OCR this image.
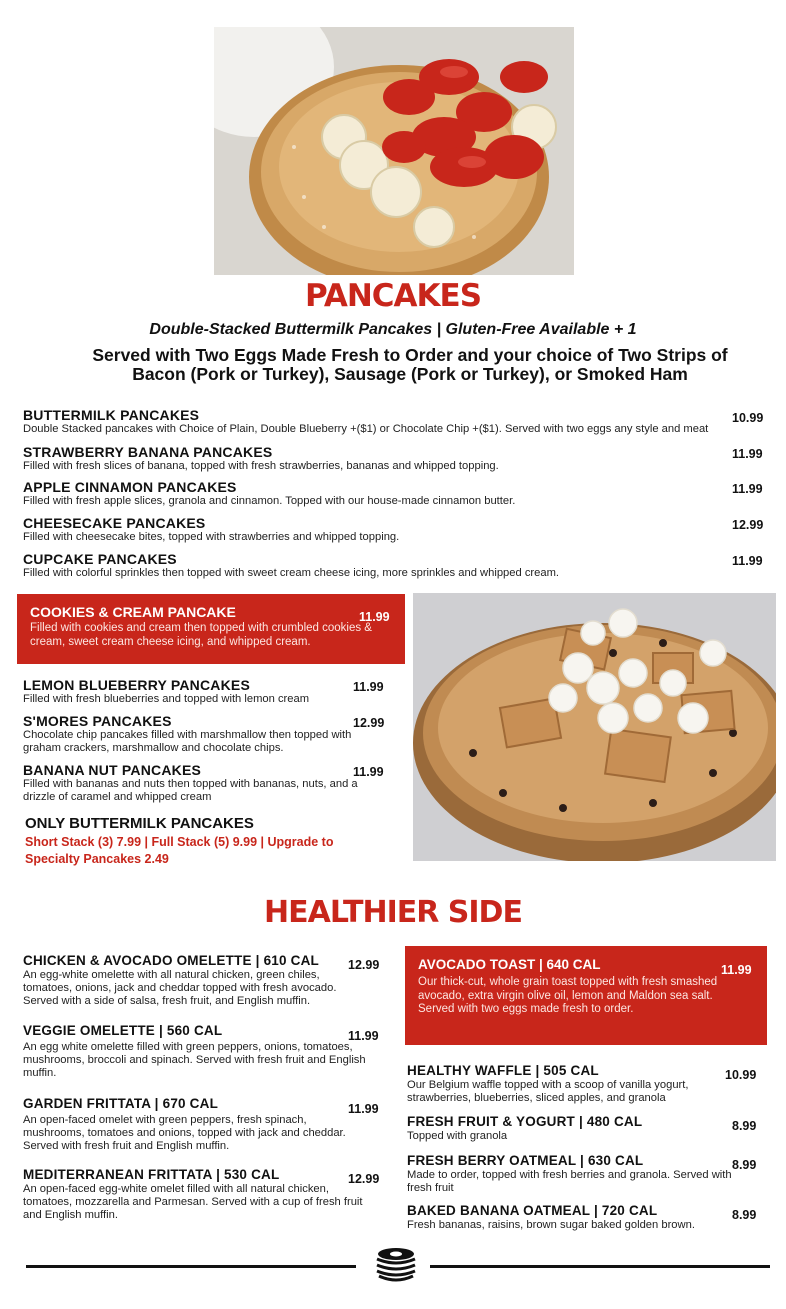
PANCAKES
Double-Stacked Buttermilk Pancakes | Gluten-Free Available + 1
Served with Two Eggs Made Fresh to Order and your choice of Two Strips of Bacon (Pork or Turkey), Sausage (Pork or Turkey), or Smoked Ham
BUTTERMILK PANCAKES
Double Stacked pancakes with Choice of Plain, Double Blueberry +($1) or Chocolate Chip +($1). Served with two eggs any style and meat
10.99
STRAWBERRY BANANA PANCAKES
Filled with fresh slices of banana, topped with fresh strawberries, bananas and whipped topping.
11.99
APPLE CINNAMON PANCAKES
Filled with fresh apple slices, granola and cinnamon. Topped with our house-made cinnamon butter.
11.99
CHEESECAKE PANCAKES
Filled with cheesecake bites, topped with strawberries and whipped topping.
12.99
CUPCAKE PANCAKES
Filled with colorful sprinkles then topped with sweet cream cheese icing, more sprinkles and whipped cream.
11.99
COOKIES & CREAM PANCAKE
Filled with cookies and cream then topped with crumbled cookies & cream, sweet cream cheese icing, and whipped cream.
11.99
LEMON BLUEBERRY PANCAKES
Filled with fresh blueberries and topped with lemon cream
11.99
S'MORES PANCAKES
Chocolate chip pancakes filled with marshmallow then topped with graham crackers, marshmallow and chocolate chips.
12.99
BANANA NUT PANCAKES
Filled with bananas and nuts then topped with bananas, nuts, and a drizzle of caramel and whipped cream
11.99
ONLY BUTTERMILK PANCAKES
Short Stack (3) 7.99 | Full Stack (5) 9.99 | Upgrade to Specialty Pancakes 2.49
HEALTHIER SIDE
CHICKEN & AVOCADO OMELETTE | 610 CAL
An egg-white omelette with all natural chicken, green chiles, tomatoes, onions, jack and cheddar topped with fresh avocado. Served with a side of salsa, fresh fruit, and English muffin.
12.99
VEGGIE OMELETTE | 560 CAL
An egg white omelette filled with green peppers, onions, tomatoes, mushrooms, broccoli and spinach. Served with fresh fruit and English muffin.
11.99
GARDEN FRITTATA | 670 CAL
An open-faced omelet with green peppers, fresh spinach, mushrooms, tomatoes and onions, topped with jack and cheddar. Served with fresh fruit and English muffin.
11.99
MEDITERRANEAN FRITTATA | 530 CAL
An open-faced egg-white omelet filled with all natural chicken, tomatoes, mozzarella and Parmesan. Served with a cup of fresh fruit and English muffin.
12.99
AVOCADO TOAST | 640 CAL
Our thick-cut, whole grain toast topped with fresh smashed avocado, extra virgin olive oil, lemon and Maldon sea salt. Served with two eggs made fresh to order.
11.99
HEALTHY WAFFLE | 505 CAL
Our Belgium waffle topped with a scoop of vanilla yogurt, strawberries, blueberries, sliced apples, and granola
10.99
FRESH FRUIT & YOGURT | 480 CAL
Topped with granola
8.99
FRESH BERRY OATMEAL | 630 CAL
Made to order, topped with fresh berries and granola. Served with fresh fruit
8.99
BAKED BANANA OATMEAL | 720 CAL
Fresh bananas, raisins, brown sugar baked golden brown.
8.99
